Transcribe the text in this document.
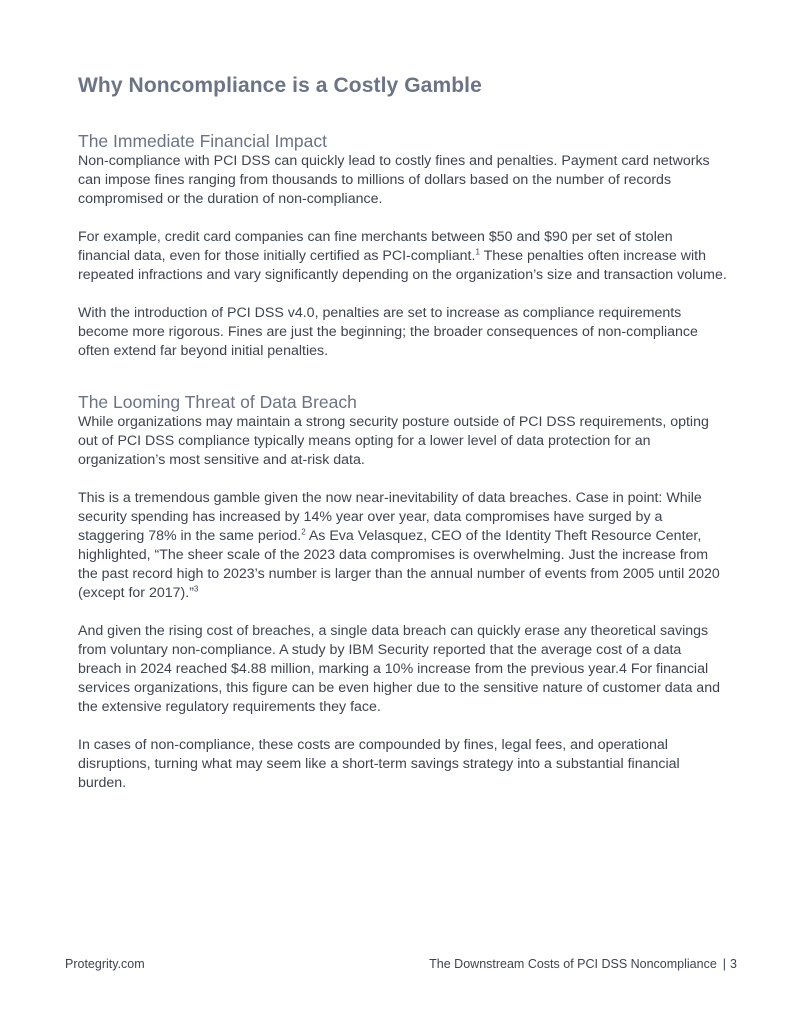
Why Noncompliance is a Costly Gamble
The Immediate Financial Impact

Non-compliance with PCI DSS can quickly lead to costly fines and penalties. Payment card networks can impose fines ranging from thousands to millions of dollars based on the number of records compromised or the duration of non-compliance.

For example, credit card companies can fine merchants between $50 and $90 per set of stolen financial data, even for those initially certified as PCI-compliant.$^1$ These penalties often increase with repeated infractions and vary significantly depending on the organization’s size and transaction volume.

With the introduction of PCI DSS v4.0, penalties are set to increase as compliance requirements become more rigorous. Fines are just the beginning; the broader consequences of non-compliance often extend far beyond initial penalties.

The Looming Threat of Data Breach

While organizations may maintain a strong security posture outside of PCI DSS requirements, opting out of PCI DSS compliance typically means opting for a lower level of data protection for an organization’s most sensitive and at-risk data.

This is a tremendous gamble given the now near-inevitability of data breaches. Case in point: While security spending has increased by 14% year over year, data compromises have surged by a staggering 78% in the same period.$^2$ As Eva Velasquez, CEO of the Identity Theft Resource Center, highlighted, “The sheer scale of the 2023 data compromises is overwhelming. Just the increase from the past record high to 2023’s number is larger than the annual number of events from 2005 until 2020 (except for 2017).”$^3$

And given the rising cost of breaches, a single data breach can quickly erase any theoretical savings from voluntary non-compliance. A study by IBM Security reported that the average cost of a data breach in 2024 reached $4.88 million, marking a 10% increase from the previous year.4 For financial services organizations, this figure can be even higher due to the sensitive nature of customer data and the extensive regulatory requirements they face.

In cases of non-compliance, these costs are compounded by fines, legal fees, and operational disruptions, turning what may seem like a short-term savings strategy into a substantial financial burden.

Protegrity.com	The Downstream Costs of PCI DSS Noncompliance | 3
